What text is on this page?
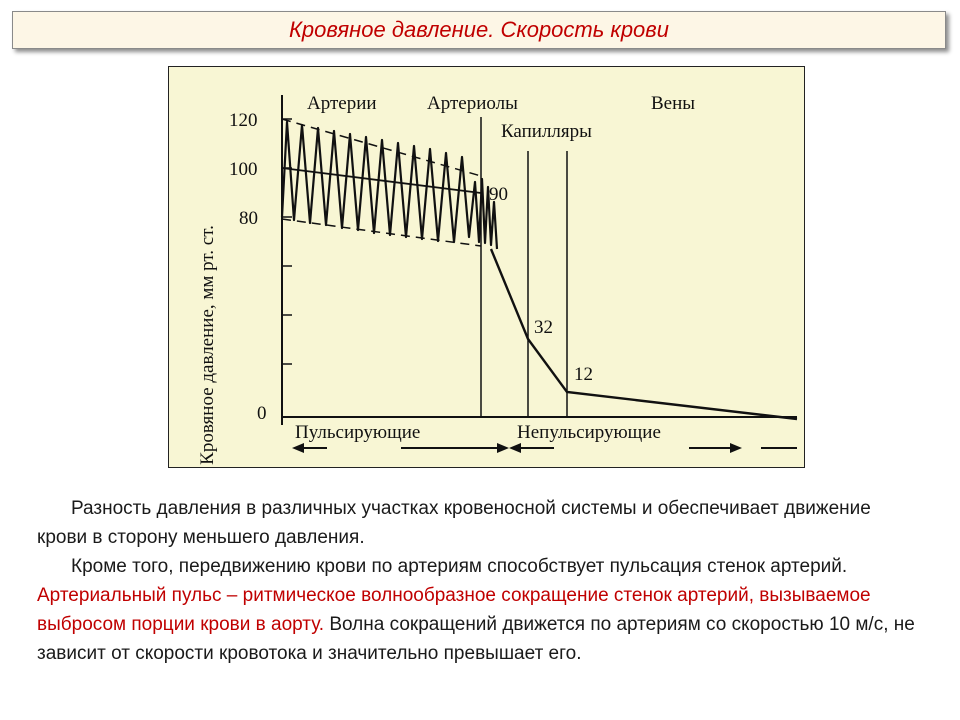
Кровяное давление. Скорость крови
Кровяное давление, мм рт. ст.
120
100
80
0
Артерии	Артериолы
Капилляры
Вены
90
32
12
Пульсирующие	Непульсирующие

Разность давления в различных участках кровеносной системы и обеспечивает движение крови в сторону меньшего давления.

Кроме того, передвижению крови по артериям способствует пульсация стенок артерий. Артериальный пульс – ритмическое волнообразное сокращение стенок артерий, вызываемое выбросом порции крови в аорту. Волна сокращений движется по артериям со скоростью 10 м/с, не зависит от скорости кровотока и значительно превышает его.
